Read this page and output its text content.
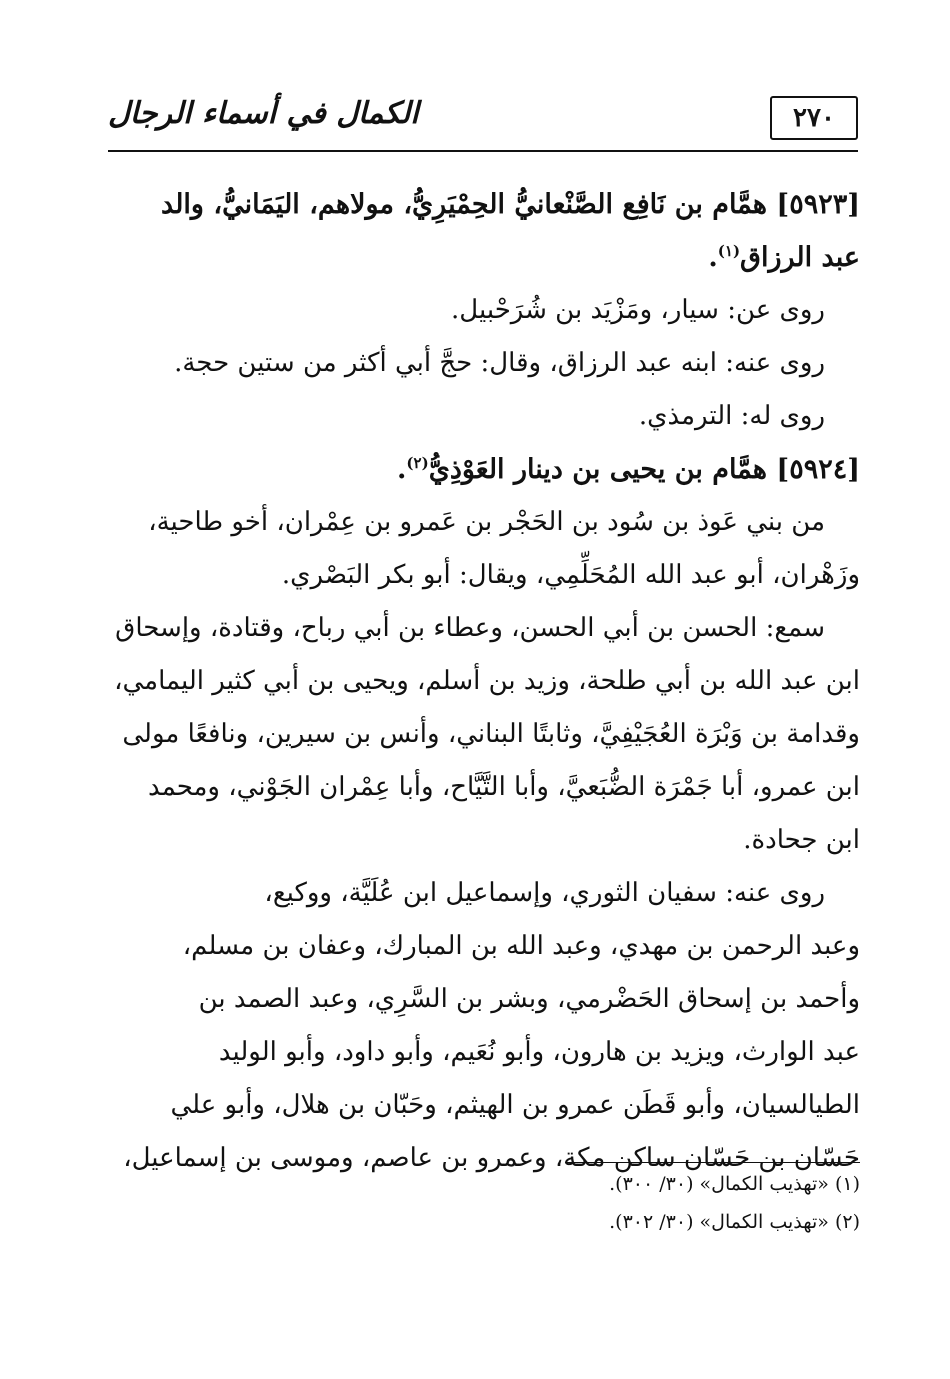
الكمال في أسماء الرجال	٢٧٠
[٥٩٢٣] همَّام بن نَافِع الصَّنْعانيُّ الحِمْيَرِيُّ، مولاهم، اليَمَانيُّ، والد
عبد الرزاق$^{(١)}$.
روى عن: سيار، ومَزْيَد بن شُرَحْبيل.
روى عنه: ابنه عبد الرزاق، وقال: حجَّ أبي أكثر من ستين حجة.
روى له: الترمذي.
[٥٩٢٤] همَّام بن يحيى بن دينار العَوْذِيُّ$^{(٢)}$.
من بني عَوذ بن سُود بن الحَجْر بن عَمرو بن عِمْران، أخو طاحية،
وزَهْران، أبو عبد الله المُحَلِّمِي، ويقال: أبو بكر البَصْري.
سمع: الحسن بن أبي الحسن، وعطاء بن أبي رباح، وقتادة، وإسحاق
ابن عبد الله بن أبي طلحة، وزيد بن أسلم، ويحيى بن أبي كثير اليمامي،
وقدامة بن وَبْرَة العُجَيْفِيَّ، وثابتًا البناني، وأنس بن سيرين، ونافعًا مولى
ابن عمرو، أبا جَمْرَة الضُّبَعيَّ، وأبا التَّيَّاح، وأبا عِمْران الجَوْني، ومحمد
ابن جحادة.
روى عنه: سفيان الثوري، وإسماعيل ابن عُلَيَّة، ووكيع،
وعبد الرحمن بن مهدي، وعبد الله بن المبارك، وعفان بن مسلم،
وأحمد بن إسحاق الحَضْرمي، وبشر بن السَّرِي، وعبد الصمد بن
عبد الوارث، ويزيد بن هارون، وأبو نُعَيم، وأبو داود، وأبو الوليد
الطيالسيان، وأبو قَطَن عمرو بن الهيثم، وحَبّان بن هلال، وأبو علي
حَسّان بن حَسّان ساكن مكة، وعمرو بن عاصم، وموسى بن إسماعيل،
(١) «تهذيب الكمال» (٣٠/ ٣٠٠).
(٢) «تهذيب الكمال» (٣٠/ ٣٠٢).
